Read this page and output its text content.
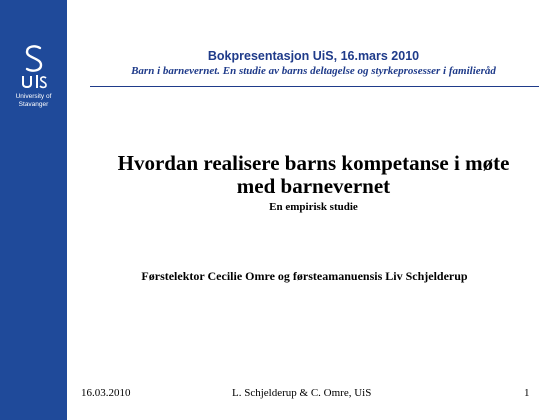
University of
Stavanger
Bokpresentasjon UiS, 16.mars 2010
Barn i barnevernet. En studie av barns deltagelse og styrkeprosesser i familieråd
Hvordan realisere barns kompetanse i møte
med barnevernet
En empirisk studie
Førstelektor Cecilie Omre og førsteamanuensis Liv Schjelderup
16.03.2010	L. Schjelderup & C. Omre, UiS	1
